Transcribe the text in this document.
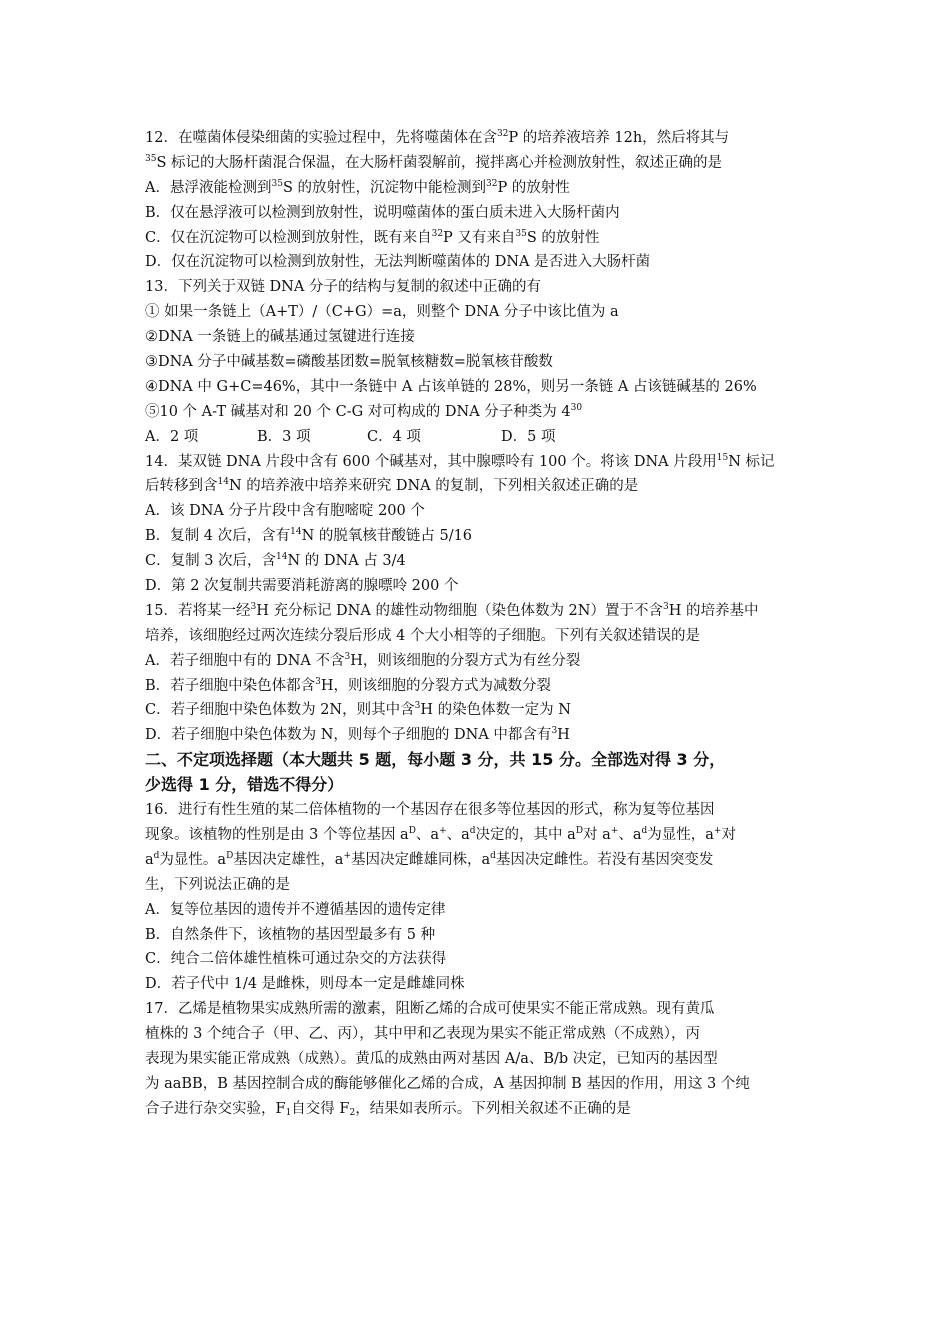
12．在噬菌体侵染细菌的实验过程中，先将噬菌体在含$^{32}$P 的培养液培养 12h，然后将其与
$^{35}$S 标记的大肠杆菌混合保温，在大肠杆菌裂解前，搅拌离心并检测放射性，叙述正确的是
A．悬浮液能检测到$^{35}$S 的放射性，沉淀物中能检测到$^{32}$P 的放射性
B．仅在悬浮液可以检测到放射性，说明噬菌体的蛋白质未进入大肠杆菌内
C．仅在沉淀物可以检测到放射性，既有来自$^{32}$P 又有来自$^{35}$S 的放射性
D．仅在沉淀物可以检测到放射性，无法判断噬菌体的 DNA 是否进入大肠杆菌
13．下列关于双链 DNA 分子的结构与复制的叙述中正确的有
① 如果一条链上（A+T）/（C+G）=a，则整个 DNA 分子中该比值为 a
②DNA 一条链上的碱基通过氢键进行连接
③DNA 分子中碱基数=磷酸基团数=脱氧核糖数=脱氧核苷酸数
④DNA 中 G+C=46%，其中一条链中 A 占该单链的 28%，则另一条链 A 占该链碱基的 26%
⑤10 个 A-T 碱基对和 20 个 C-G 对可构成的 DNA 分子种类为 $4^{30}$
A．2 项	B．3 项	C．4 项	D．5 项
14．某双链 DNA 片段中含有 600 个碱基对，其中腺嘌呤有 100 个。将该 DNA 片段用$^{15}$N 标记
后转移到含$^{14}$N 的培养液中培养来研究 DNA 的复制，下列相关叙述正确的是
A．该 DNA 分子片段中含有胞嘧啶 200 个
B．复制 4 次后，含有$^{14}$N 的脱氧核苷酸链占 5/16
C．复制 3 次后，含$^{14}$N 的 DNA 占 3/4
D．第 2 次复制共需要消耗游离的腺嘌呤 200 个
15．若将某一经$^3$H 充分标记 DNA 的雄性动物细胞（染色体数为 2N）置于不含$^3$H 的培养基中
培养，该细胞经过两次连续分裂后形成 4 个大小相等的子细胞。下列有关叙述错误的是
A．若子细胞中有的 DNA 不含$^3$H，则该细胞的分裂方式为有丝分裂
B．若子细胞中染色体都含$^3$H，则该细胞的分裂方式为减数分裂
C．若子细胞中染色体数为 2N，则其中含$^3$H 的染色体数一定为 N
D．若子细胞中染色体数为 N，则每个子细胞的 DNA 中都含有$^3$H
二、不定项选择题（本大题共 5 题，每小题 3 分，共 15 分。全部选对得 3 分，
少选得 1 分，错选不得分）
16．进行有性生殖的某二倍体植物的一个基因存在很多等位基因的形式，称为复等位基因
现象。该植物的性别是由 3 个等位基因 $a^D$、a+、$a^d$决定的，其中 $a^D$对 a+、$a^d$为显性，a+对
$a^d$为显性。$a^D$基因决定雄性，a+基因决定雌雄同株，$a^d$基因决定雌性。若没有基因突变发
生，下列说法正确的是
A．复等位基因的遗传并不遵循基因的遗传定律
B．自然条件下，该植物的基因型最多有 5 种
C．纯合二倍体雄性植株可通过杂交的方法获得
D．若子代中 1/4 是雌株，则母本一定是雌雄同株
17．乙烯是植物果实成熟所需的激素，阻断乙烯的合成可使果实不能正常成熟。现有黄瓜
植株的 3 个纯合子（甲、乙、丙），其中甲和乙表现为果实不能正常成熟（不成熟），丙
表现为果实能正常成熟（成熟）。黄瓜的成熟由两对基因 A/a、B/b 决定，已知丙的基因型
为 aaBB，B 基因控制合成的酶能够催化乙烯的合成，A 基因抑制 B 基因的作用，用这 3 个纯
合子进行杂交实验，$F_1$自交得 $F_2$，结果如表所示。下列相关叙述不正确的是
